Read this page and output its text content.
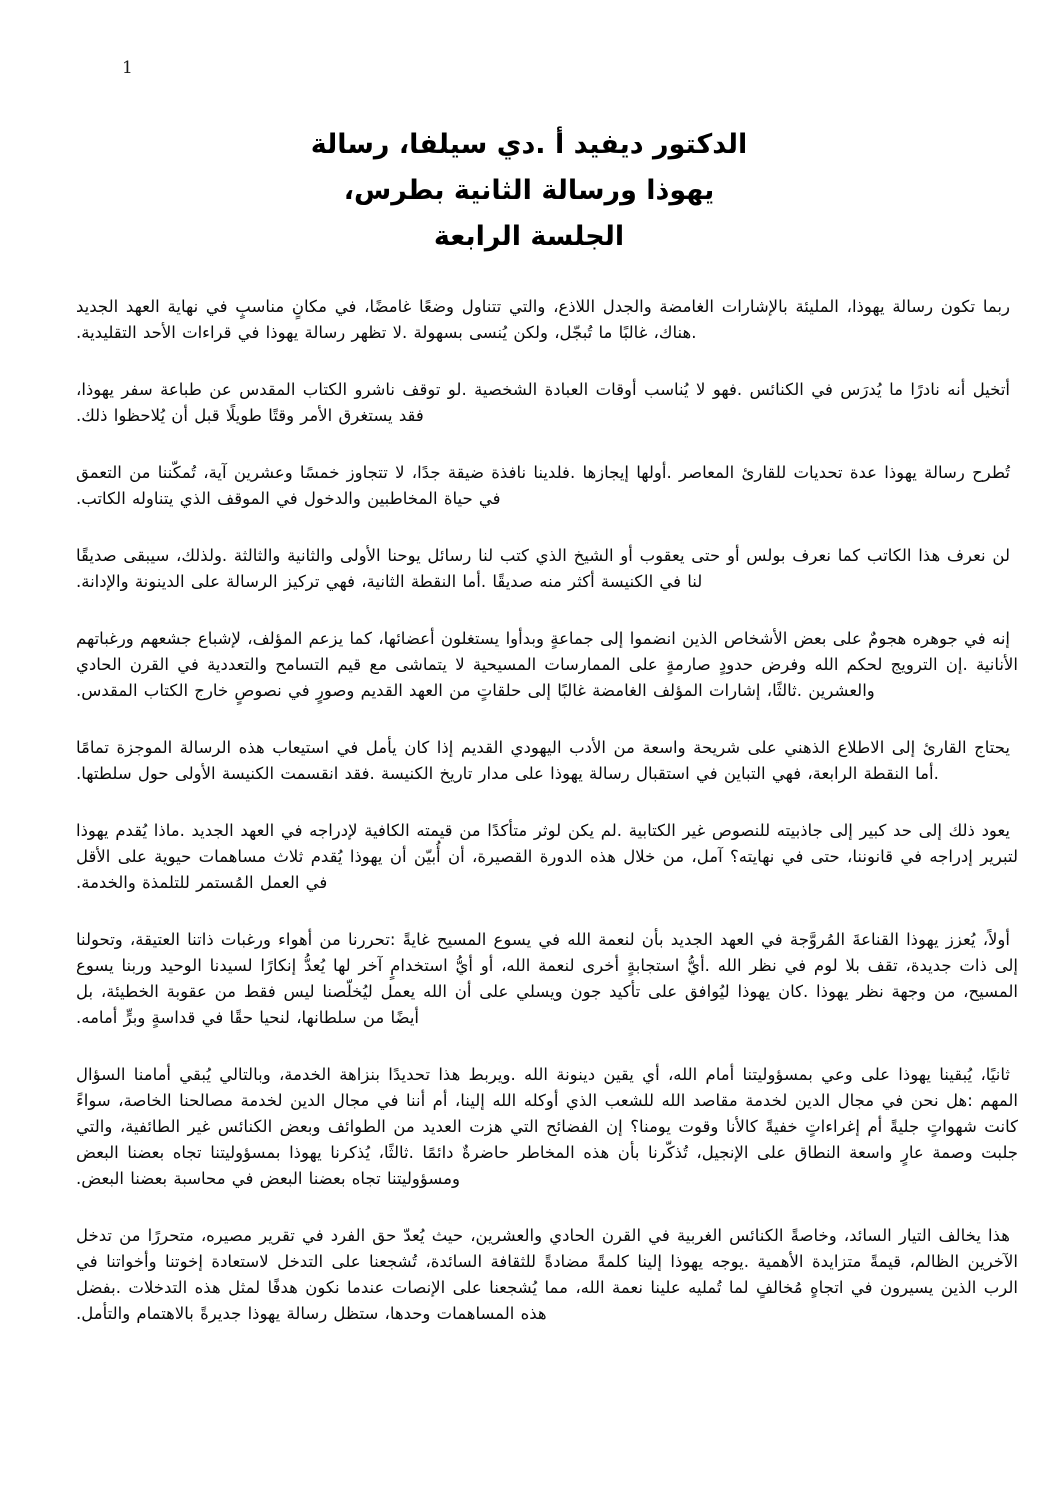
1
الدكتور ديفيد أ .دي سيلفا، رسالة
يهوذا ورسالة الثانية بطرس،
الجلسة الرابعة

ربما تكون رسالة يهوذا، المليئة بالإشارات الغامضة والجدل اللاذع، والتي تتناول وضعًا غامضًا، في مكانٍ مناسبٍ في نهاية العهد الجديد .هناك، غالبًا ما تُبجّل، ولكن يُنسى بسهولة .لا تظهر رسالة يهوذا في قراءات الأحد التقليدية.

أتخيل أنه نادرًا ما يُدرَس في الكنائس .فهو لا يُناسب أوقات العبادة الشخصية .لو توقف ناشرو الكتاب المقدس عن طباعة سفر يهوذا، فقد يستغرق الأمر وقتًا طويلًا قبل أن يُلاحظوا ذلك.

تُطرح رسالة يهوذا عدة تحديات للقارئ المعاصر .أولها إيجازها .فلدينا نافذة ضيقة جدًا، لا تتجاوز خمسًا وعشرين آية، تُمكّننا من التعمق في حياة المخاطبين والدخول في الموقف الذي يتناوله الكاتب.

لن نعرف هذا الكاتب كما نعرف بولس أو حتى يعقوب أو الشيخ الذي كتب لنا رسائل يوحنا الأولى والثانية والثالثة .ولذلك، سيبقى صديقًا لنا في الكنيسة أكثر منه صديقًا .أما النقطة الثانية، فهي تركيز الرسالة على الدينونة والإدانة.

إنه في جوهره هجومٌ على بعض الأشخاص الذين انضموا إلى جماعةٍ وبدأوا يستغلون أعضائها، كما يزعم المؤلف، لإشباع جشعهم ورغباتهم الأنانية .إن الترويج لحكم الله وفرض حدودٍ صارمةٍ على الممارسات المسيحية لا يتماشى مع قيم التسامح والتعددية في القرن الحادي والعشرين .ثالثًا، إشارات المؤلف الغامضة غالبًا إلى حلقاتٍ من العهد القديم وصورٍ في نصوصٍ خارج الكتاب المقدس.

يحتاج القارئ إلى الاطلاع الذهني على شريحة واسعة من الأدب اليهودي القديم إذا كان يأمل في استيعاب هذه الرسالة الموجزة تمامًا .أما النقطة الرابعة، فهي التباين في استقبال رسالة يهوذا على مدار تاريخ الكنيسة .فقد انقسمت الكنيسة الأولى حول سلطتها.

يعود ذلك إلى حد كبير إلى جاذبيته للنصوص غير الكتابية .لم يكن لوثر متأكدًا من قيمته الكافية لإدراجه في العهد الجديد .ماذا يُقدم يهوذا لتبرير إدراجه في قانوننا، حتى في نهايته؟ آمل، من خلال هذه الدورة القصيرة، أن أُبيّن أن يهوذا يُقدم ثلاث مساهمات حيوية على الأقل في العمل المُستمر للتلمذة والخدمة.

أولاً، يُعزز يهوذا القناعةَ المُروَّجة في العهد الجديد بأن لنعمة الله في يسوع المسيح غايةً :تحررنا من أهواء ورغبات ذاتنا العتيقة، وتحولنا إلى ذات جديدة، تقف بلا لوم في نظر الله .أيُّ استجابةٍ أخرى لنعمة الله، أو أيُّ استخدامٍ آخر لها يُعدُّ إنكارًا لسيدنا الوحيد وربنا يسوع المسيح، من وجهة نظر يهوذا .كان يهوذا ليُوافق على تأكيد جون ويسلي على أن الله يعمل ليُخلّصنا ليس فقط من عقوبة الخطيئة، بل أيضًا من سلطانها، لنحيا حقًا في قداسةٍ وبرٍّ أمامه.

ثانيًا، يُبقينا يهوذا على وعي بمسؤوليتنا أمام الله، أي يقين دينونة الله .ويربط هذا تحديدًا بنزاهة الخدمة، وبالتالي يُبقي أمامنا السؤال المهم :هل نحن في مجال الدين لخدمة مقاصد الله للشعب الذي أوكله الله إلينا، أم أننا في مجال الدين لخدمة مصالحنا الخاصة، سواءً كانت شهواتٍ جليةً أم إغراءاتٍ خفيةً كالأنا وقوت يومنا؟ إن الفضائح التي هزت العديد من الطوائف وبعض الكنائس غير الطائفية، والتي جلبت وصمة عارٍ واسعة النطاق على الإنجيل، تُذكّرنا بأن هذه المخاطر حاضرةٌ دائمًا .ثالثًا، يُذكرنا يهوذا بمسؤوليتنا تجاه بعضنا البعض ومسؤوليتنا تجاه بعضنا البعض في محاسبة بعضنا البعض.

هذا يخالف التيار السائد، وخاصةً الكنائس الغربية في القرن الحادي والعشرين، حيث يُعدّ حق الفرد في تقرير مصيره، متحررًا من تدخل الآخرين الظالم، قيمةً متزايدة الأهمية .يوجه يهوذا إلينا كلمةً مضادةً للثقافة السائدة، تُشجعنا على التدخل لاستعادة إخوتنا وأخواتنا في الرب الذين يسيرون في اتجاهٍ مُخالفٍ لما تُمليه علينا نعمة الله، مما يُشجعنا على الإنصات عندما نكون هدفًا لمثل هذه التدخلات .بفضل هذه المساهمات وحدها، ستظل رسالة يهوذا جديرةً بالاهتمام والتأمل.
